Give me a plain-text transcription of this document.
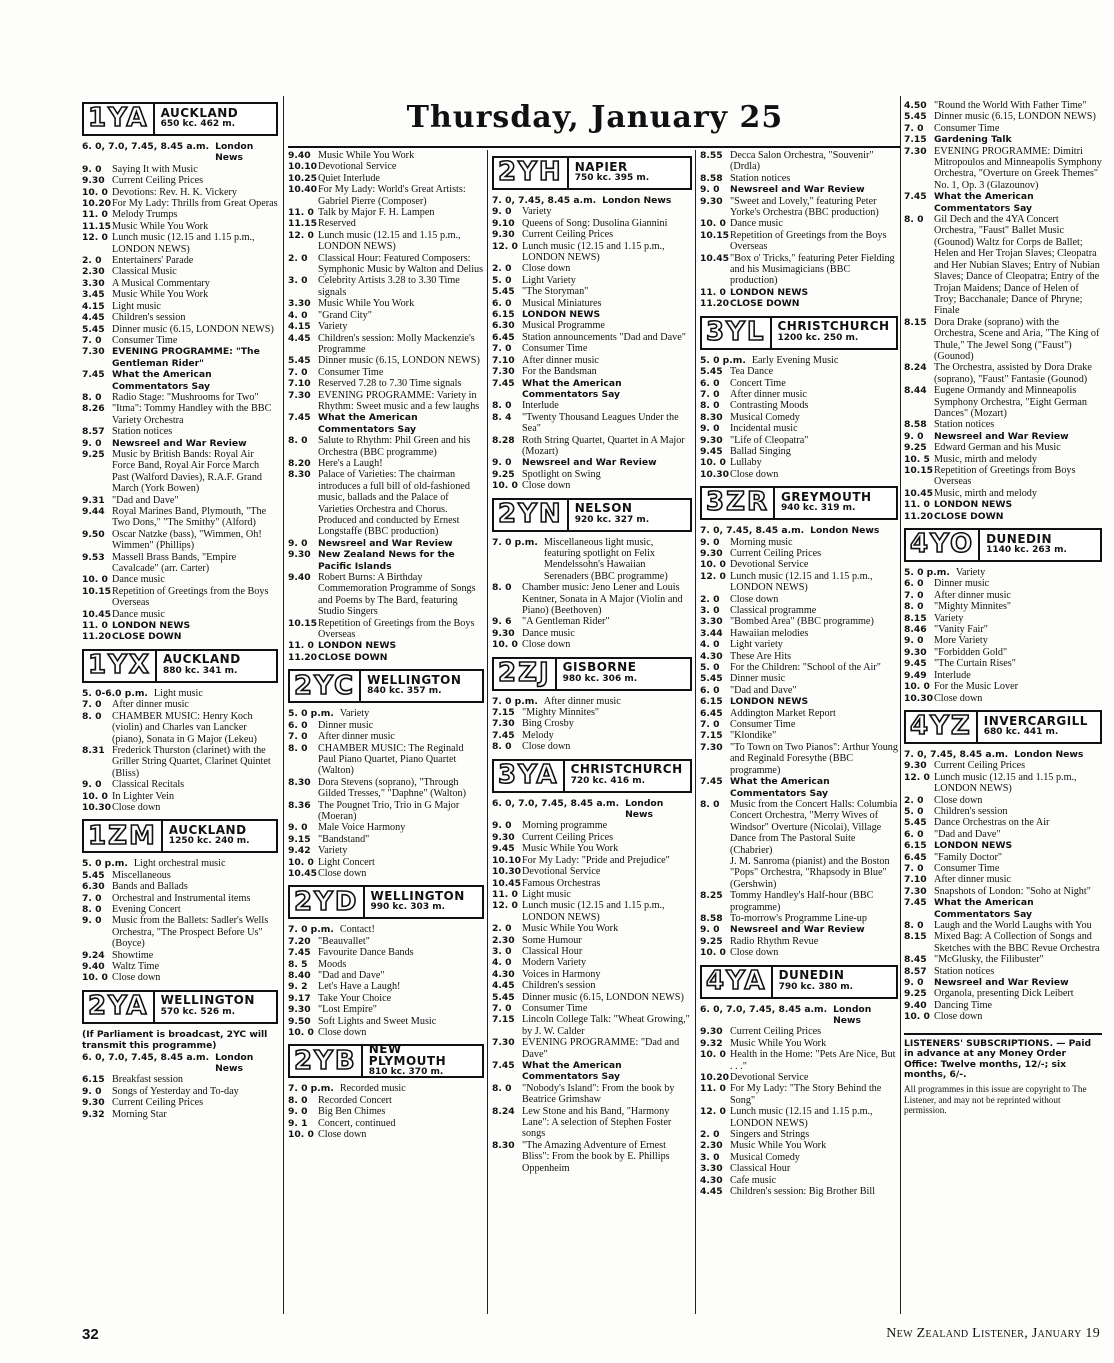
Thursday, January 25
1YA AUCKLAND
650 kc. 462 m.
6. 0, 7.0, 7.45, 8.45 a.m. London News
9. 0	Saying It with Music
9.30 Current Ceiling Prices
10. 0 Devotions: Rev. H. K. Vickery
10.20 For My Lady: Thrills from Great Operas
11. 0 Melody Trumps
11.15 Music While You Work
12. 0 Lunch music (12.15 and 1.15 p.m., LONDON NEWS)
2. 0	Entertainers' Parade
2.30 Classical Music
3.30 A Musical Commentary
3.45 Music While You Work
4.15 Light music
4.45 Children's session
5.45 Dinner music (6.15, LONDON NEWS)
7. 0	Consumer Time
7.30 EVENING PROGRAMME: "The Gentleman Rider"
7.45 What the American Commentators Say
8. 0	Radio Stage: "Mushrooms for Two"
8.26 "Itma": Tommy Handley with the BBC Variety Orchestra
8.57 Station notices
9. 0	Newsreel and War Review
9.25 Music by British Bands: Royal Air Force Band, Royal Air Force March Past (Walford Davies), R.A.F. Grand March (York Bowen)
9.31 "Dad and Dave"
9.44 Royal Marines Band, Plymouth, "The Two Dons," "The Smithy" (Alford)
9.50 Oscar Natzke (bass), "Wimmen, Oh! Wimmen" (Phillips)
9.53 Massell Brass Bands, "Empire Cavalcade" (arr. Carter)
10. 0 Dance music
10.15 Repetition of Greetings from the Boys Overseas
10.45 Dance music
11. 0 LONDON NEWS
11.20 CLOSE DOWN
1YX AUCKLAND
880 kc. 341 m.
5. 0-6.0 p.m. Light music
7. 0	After dinner music
8. 0	CHAMBER MUSIC: Henry Koch (violin) and Charles van Lancker (piano), Sonata in G Major (Lekeu)
8.31 Frederick Thurston (clarinet) with the Griller String Quartet, Clarinet Quintet (Bliss)
9. 0	Classical Recitals
10. 0 In Lighter Vein
10.30 Close down
1ZM AUCKLAND
1250 kc. 240 m.
5. 0 p.m. Light orchestral music
5.45 Miscellaneous
6.30 Bands and Ballads
7. 0	Orchestral and Instrumental items
8. 0	Evening Concert
9. 0	Music from the Ballets: Sadler's Wells Orchestra, "The Prospect Before Us" (Boyce)
9.24 Showtime
9.40 Waltz Time
10. 0 Close down
2YA WELLINGTON
570 kc. 526 m.
(If Parliament is broadcast, 2YC will transmit this programme)
6. 0, 7.0, 7.45, 8.45 a.m. London News
6.15 Breakfast session
9. 0	Songs of Yesterday and To-day
9.30 Current Ceiling Prices
9.32 Morning Star
9.40 Music While You Work
10.10 Devotional Service
10.25 Quiet Interlude
10.40 For My Lady: World's Great Artists: Gabriel Pierre (Composer)
11. 0 Talk by Major F. H. Lampen
11.15 Reserved
12. 0 Lunch music (12.15 and 1.15 p.m., LONDON NEWS)
2. 0	Classical Hour: Featured Composers: Symphonic Music by Walton and Delius
3. 0	Celebrity Artists 3.28 to 3.30 Time signals
3.30 Music While You Work
4. 0	"Grand City"
4.15 Variety
4.45 Children's session: Molly Mackenzie's Programme
5.45 Dinner music (6.15, LONDON NEWS)
7. 0	Consumer Time
7.10 Reserved 7.28 to 7.30 Time signals
7.30 EVENING PROGRAMME: Variety in Rhythm: Sweet music and a few laughs
7.45 What the American Commentators Say
8. 0	Salute to Rhythm: Phil Green and his Orchestra (BBC programme)
8.20 Here's a Laugh!
8.30 Palace of Varieties: The chairman introduces a full bill of old-fashioned music, ballads and the Palace of Varieties Orchestra and Chorus. Produced and conducted by Ernest Longstaffe (BBC production)
9. 0	Newsreel and War Review
9.30 New Zealand News for the Pacific Islands
9.40 Robert Burns: A Birthday Commemoration Programme of Songs and Poems by The Bard, featuring Studio Singers
10.15 Repetition of Greetings from the Boys Overseas
11. 0 LONDON NEWS
11.20 CLOSE DOWN
2YC WELLINGTON
840 kc. 357 m.
5. 0 p.m. Variety
6. 0	Dinner music
7. 0	After dinner music
8. 0	CHAMBER MUSIC: The Reginald Paul Piano Quartet, Piano Quartet (Walton)
8.30 Dora Stevens (soprano), "Through Gilded Tresses," "Daphne" (Walton)
8.36 The Pougnet Trio, Trio in G Major (Moeran)
9. 0	Male Voice Harmony
9.15 "Bandstand"
9.42 Variety
10. 0 Light Concert
10.45 Close down
2YD WELLINGTON
990 kc. 303 m.
7. 0 p.m. Contact!
7.20 "Beauvallet"
7.45 Favourite Dance Bands
8. 5	Moods
8.40 "Dad and Dave"
9. 2	Let's Have a Laugh!
9.17 Take Your Choice
9.30 "Lost Empire"
9.50 Soft Lights and Sweet Music
10. 0 Close down
2YB NEW PLYMOUTH
810 kc. 370 m.
7. 0 p.m. Recorded music
8. 0	Recorded Concert
9. 0	Big Ben Chimes
9. 1	Concert, continued
10. 0 Close down
2YH NAPIER
750 kc. 395 m.
7. 0, 7.45, 8.45 a.m. London News
9. 0	Variety
9.10 Queens of Song: Dusolina Giannini
9.30 Current Ceiling Prices
12. 0 Lunch music (12.15 and 1.15 p.m., LONDON NEWS)
2. 0	Close down
5. 0	Light Variety
5.45 "The Storyman"
6. 0	Musical Miniatures
6.15 LONDON NEWS
6.30 Musical Programme
6.45 Station announcements "Dad and Dave"
7. 0	Consumer Time
7.10 After dinner music
7.30 For the Bandsman
7.45 What the American Commentators Say
8. 0	Interlude
8. 4	"Twenty Thousand Leagues Under the Sea"
8.28 Roth String Quartet, Quartet in A Major (Mozart)
9. 0	Newsreel and War Review
9.25 Spotlight on Swing
10. 0 Close down
2YN NELSON
920 kc. 327 m.
7. 0 p.m. Miscellaneous light music, featuring spotlight on Felix Mendelssohn's Hawaiian Serenaders (BBC programme)
8. 0	Chamber music: Jeno Lener and Louis Kentner, Sonata in A Major (Violin and Piano) (Beethoven)
9. 6	"A Gentleman Rider"
9.30 Dance music
10. 0 Close down
2ZJ GISBORNE
980 kc. 306 m.
7. 0 p.m. After dinner music
7.15 "Mighty Minnites"
7.30 Bing Crosby
7.45 Melody
8. 0	Close down
3YA CHRISTCHURCH
720 kc. 416 m.
6. 0, 7.0, 7.45, 8.45 a.m. London News
9. 0	Morning programme
9.30 Current Ceiling Prices
9.45 Music While You Work
10.10 For My Lady: "Pride and Prejudice"
10.30 Devotional Service
10.45 Famous Orchestras
11. 0 Light music
12. 0 Lunch music (12.15 and 1.15 p.m., LONDON NEWS)
2. 0	Music While You Work
2.30 Some Humour
3. 0	Classical Hour
4. 0	Modern Variety
4.30 Voices in Harmony
4.45 Children's session
5.45 Dinner music (6.15, LONDON NEWS)
7. 0	Consumer Time
7.15 Lincoln College Talk: "Wheat Growing," by J. W. Calder
7.30 EVENING PROGRAMME: "Dad and Dave"
7.45 What the American Commentators Say
8. 0	"Nobody's Island": From the book by Beatrice Grimshaw
8.24 Lew Stone and his Band, "Harmony Lane": A selection of Stephen Foster songs
8.30 "The Amazing Adventure of Ernest Bliss": From the book by E. Phillips Oppenheim
8.55 Decca Salon Orchestra, "Souvenir" (Drdla)
8.58 Station notices
9. 0	Newsreel and War Review
9.30 "Sweet and Lovely," featuring Peter Yorke's Orchestra (BBC production)
10. 0 Dance music
10.15 Repetition of Greetings from the Boys Overseas
10.45 "Box o' Tricks," featuring Peter Fielding and his Musimagicians (BBC production)
11. 0 LONDON NEWS
11.20 CLOSE DOWN
3YL CHRISTCHURCH
1200 kc. 250 m.
5. 0 p.m. Early Evening Music
5.45 Tea Dance
6. 0	Concert Time
7. 0	After dinner music
8. 0	Contrasting Moods
8.30 Musical Comedy
9. 0	Incidental music
9.30 "Life of Cleopatra"
9.45 Ballad Singing
10. 0 Lullaby
10.30 Close down
3ZR GREYMOUTH
940 kc. 319 m.
7. 0, 7.45, 8.45 a.m. London News
9. 0	Morning music
9.30 Current Ceiling Prices
10. 0 Devotional Service
12. 0 Lunch music (12.15 and 1.15 p.m., LONDON NEWS)
2. 0	Close down
3. 0	Classical programme
3.30 "Bombed Area" (BBC programme)
3.44 Hawaiian melodies
4. 0	Light variety
4.30 These Are Hits
5. 0	For the Children: "School of the Air"
5.45 Dinner music
6. 0	"Dad and Dave"
6.15 LONDON NEWS
6.45 Addington Market Report
7. 0	Consumer Time
7.15 "Klondike"
7.30 "To Town on Two Pianos": Arthur Young and Reginald Foresythe (BBC programme)
7.45 What the American Commentators Say
8. 0	Music from the Concert Halls: Columbia Concert Orchestra, "Merry Wives of Windsor" Overture (Nicolai), Village Dance from The Pastoral Suite (Chabrier)
J. M. Sanroma (pianist) and the Boston "Pops" Orchestra, "Rhapsody in Blue" (Gershwin)
8.25 Tommy Handley's Half-hour (BBC programme)
8.58 To-morrow's Programme Line-up
9. 0	Newsreel and War Review
9.25 Radio Rhythm Revue
10. 0 Close down
4YA DUNEDIN
790 kc. 380 m.
6. 0, 7.0, 7.45, 8.45 a.m. London News
9.30 Current Ceiling Prices
9.32 Music While You Work
10. 0 Health in the Home: "Pets Are Nice, But . . ."
10.20 Devotional Service
11. 0 For My Lady: "The Story Behind the Song"
12. 0 Lunch music (12.15 and 1.15 p.m., LONDON NEWS)
2. 0	Singers and Strings
2.30 Music While You Work
3. 0	Musical Comedy
3.30 Classical Hour
4.30 Cafe music
4.45 Children's session: Big Brother Bill
4.50 "Round the World With Father Time"
5.45 Dinner music (6.15, LONDON NEWS)
7. 0	Consumer Time
7.15 Gardening Talk
7.30 EVENING PROGRAMME: Dimitri Mitropoulos and Minneapolis Symphony Orchestra, "Overture on Greek Themes" No. 1, Op. 3 (Glazounov)
7.45 What the American Commentators Say
8. 0	Gil Dech and the 4YA Concert Orchestra, "Faust" Ballet Music (Gounod) Waltz for Corps de Ballet; Helen and Her Trojan Slaves; Cleopatra and Her Nubian Slaves; Entry of Nubian Slaves; Dance of Cleopatra; Entry of the Trojan Maidens; Dance of Helen of Troy; Bacchanale; Dance of Phryne; Finale
8.15 Dora Drake (soprano) with the Orchestra, Scene and Aria, "The King of Thule," The Jewel Song ("Faust") (Gounod)
8.24 The Orchestra, assisted by Dora Drake (soprano), "Faust" Fantasie (Gounod)
8.44 Eugene Ormandy and Minneapolis Symphony Orchestra, "Eight German Dances" (Mozart)
8.58 Station notices
9. 0	Newsreel and War Review
9.25 Edward German and his Music
10. 5 Music, mirth and melody
10.15 Repetition of Greetings from Boys Overseas
10.45 Music, mirth and melody
11. 0 LONDON NEWS
11.20 CLOSE DOWN
4YO DUNEDIN
1140 kc. 263 m.
5. 0 p.m. Variety
6. 0	Dinner music
7. 0	After dinner music
8. 0	"Mighty Minnites"
8.15 Variety
8.46 "Vanity Fair"
9. 0	More Variety
9.30 "Forbidden Gold"
9.45 "The Curtain Rises"
9.49 Interlude
10. 0 For the Music Lover
10.30 Close down
4YZ INVERCARGILL
680 kc. 441 m.
7. 0, 7.45, 8.45 a.m. London News
9.30 Current Ceiling Prices
12. 0 Lunch music (12.15 and 1.15 p.m., LONDON NEWS)
2. 0	Close down
5. 0	Children's session
5.45 Dance Orchestras on the Air
6. 0	"Dad and Dave"
6.15 LONDON NEWS
6.45 "Family Doctor"
7. 0	Consumer Time
7.10 After dinner music
7.30 Snapshots of London: "Soho at Night"
7.45 What the American Commentators Say
8. 0	Laugh and the World Laughs with You
8.15 Mixed Bag: A Collection of Songs and Sketches with the BBC Revue Orchestra
8.45 "McGlusky, the Filibuster"
8.57 Station notices
9. 0	Newsreel and War Review
9.25 Organola, presenting Dick Leibert
9.40 Dancing Time
10. 0 Close down
LISTENERS' SUBSCRIPTIONS. — Paid in advance at any Money Order Office: Twelve months, 12/-; six months, 6/-.
All programmes in this issue are copyright to The Listener, and may not be reprinted without permission.
32	New Zealand Listener, January 19
